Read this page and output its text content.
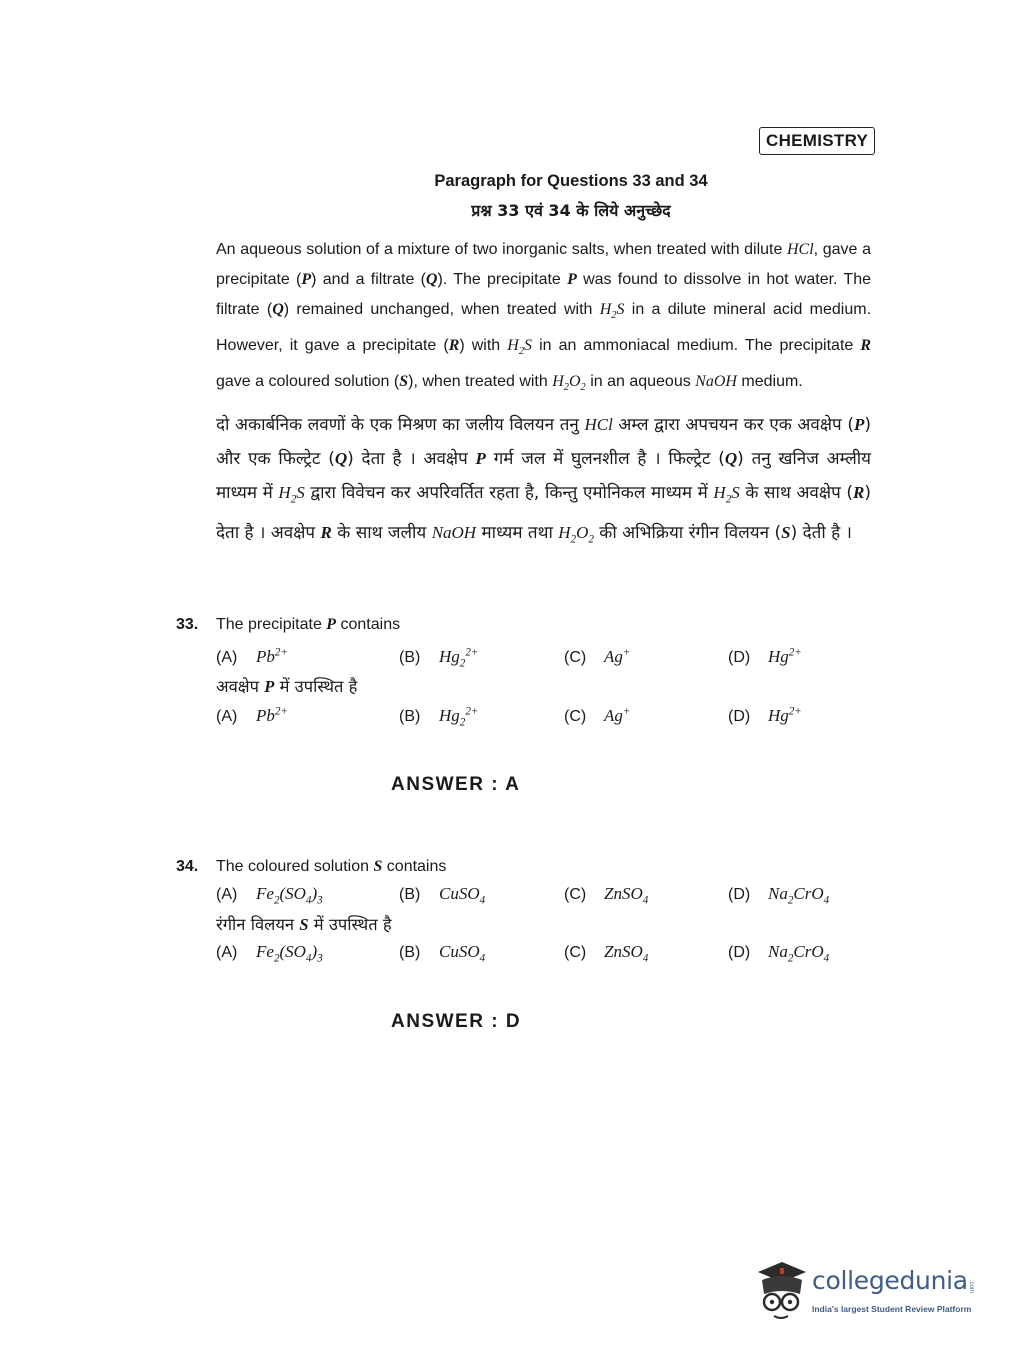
CHEMISTRY
Paragraph for Questions 33 and 34
प्रश्न 33 एवं 34 के लिये अनुच्छेद
An aqueous solution of a mixture of two inorganic salts, when treated with dilute HCl, gave a precipitate (P) and a filtrate (Q). The precipitate P was found to dissolve in hot water. The filtrate (Q) remained unchanged, when treated with $H_2S$ in a dilute mineral acid medium. However, it gave a precipitate (R) with $H_2S$ in an ammoniacal medium. The precipitate R gave a coloured solution (S), when treated with $H_2O_2$ in an aqueous NaOH medium.
दो अकार्बनिक लवणों के एक मिश्रण का जलीय विलयन तनु HCl अम्ल द्वारा अपचयन कर एक अवक्षेप (P) और एक फिल्ट्रेट (Q) देता है । अवक्षेप P गर्म जल में घुलनशील है । फिल्ट्रेट (Q) तनु खनिज अम्लीय माध्यम में $H_2S$ द्वारा विवेचन कर अपरिवर्तित रहता है, किन्तु एमोनिकल माध्यम में $H_2S$ के साथ अवक्षेप (R) देता है । अवक्षेप R के साथ जलीय NaOH माध्यम तथा $H_2O_2$ की अभिक्रिया रंगीन विलयन (S) देती है ।
33. The precipitate P contains
(A) $Pb^{2+}$	(B) $Hg_2^{2+}$	(C) Ag+	(D) $Hg^{2+}$
अवक्षेप P में उपस्थित है
(A) $Pb^{2+}$	(B) $Hg_2^{2+}$	(C) Ag+	(D) $Hg^{2+}$
ANSWER : A
34. The coloured solution S contains
(A) $Fe_2(SO_4)_3$	(B) CuSO$_4$	(C) ZnSO$_4$	(D) $Na_2CrO_4$
रंगीन विलयन S में उपस्थित है
(A) $Fe_2(SO_4)_3$	(B) CuSO$_4$	(C) ZnSO$_4$	(D) $Na_2CrO_4$
ANSWER : D
collegedunia .com
India's largest Student Review Platform
